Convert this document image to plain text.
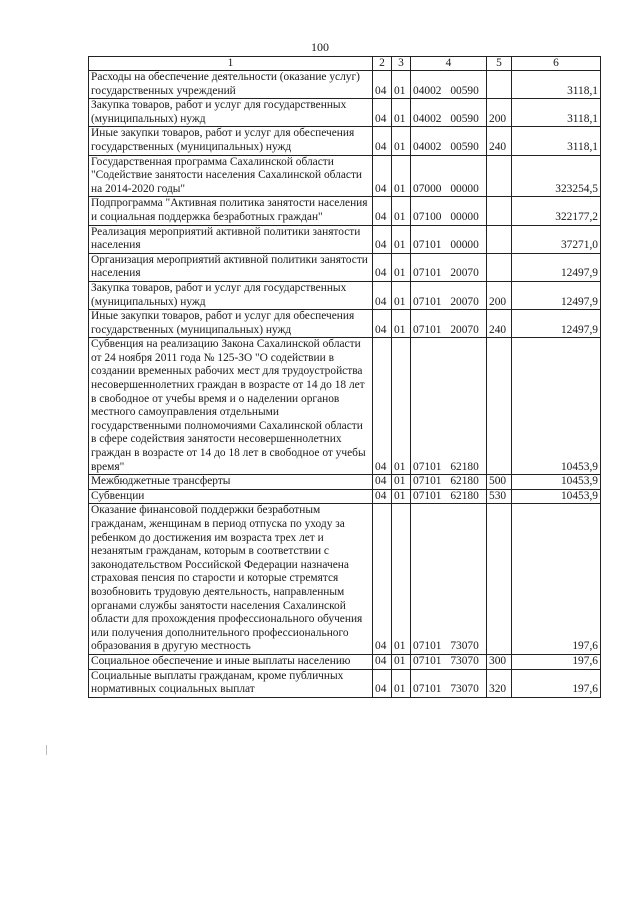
100
1	2	3	4	5	6
Расходы на обеспечение деятельности (оказание услуг) государственных учреждений	04	01	04002 00590		3118,1
Закупка товаров, работ и услуг для государственных (муниципальных) нужд	04	01	04002 00590	200	3118,1
Иные закупки товаров, работ и услуг для обеспечения государственных (муниципальных) нужд	04	01	04002 00590	240	3118,1
Государственная программа Сахалинской области "Содействие занятости населения Сахалинской области на 2014-2020 годы"	04	01	07000 00000		323254,5
Подпрограмма "Активная политика занятости населения и социальная поддержка безработных граждан"	04	01	07100 00000		322177,2
Реализация мероприятий активной политики занятости населения	04	01	07101 00000		37271,0
Организация мероприятий активной политики занятости населения	04	01	07101 20070		12497,9
Закупка товаров, работ и услуг для государственных (муниципальных) нужд	04	01	07101 20070	200	12497,9
Иные закупки товаров, работ и услуг для обеспечения государственных (муниципальных) нужд	04	01	07101 20070	240	12497,9
Субвенция на реализацию Закона Сахалинской области от 24 ноября 2011 года № 125-ЗО "О содействии в создании временных рабочих мест для трудоустройства несовершеннолетних граждан в возрасте от 14 до 18 лет в свободное от учебы время и о наделении органов местного самоуправления отдельными государственными полномочиями Сахалинской области в сфере содействия занятости несовершеннолетних граждан в возрасте от 14 до 18 лет в свободное от учебы время"	04	01	07101 62180		10453,9
Межбюджетные трансферты	04	01	07101 62180	500	10453,9
Субвенции	04	01	07101 62180	530	10453,9
Оказание финансовой поддержки безработным гражданам, женщинам в период отпуска по уходу за ребенком до достижения им возраста трех лет и незанятым гражданам, которым в соответствии с законодательством Российской Федерации назначена страховая пенсия по старости и которые стремятся возобновить трудовую деятельность, направленным органами службы занятости населения Сахалинской области для прохождения профессионального обучения или получения дополнительного профессионального образования в другую местность	04	01	07101 73070		197,6
Социальное обеспечение и иные выплаты населению	04	01	07101 73070	300	197,6
Социальные выплаты гражданам, кроме публичных нормативных социальных выплат	04	01	07101 73070	320	197,6
